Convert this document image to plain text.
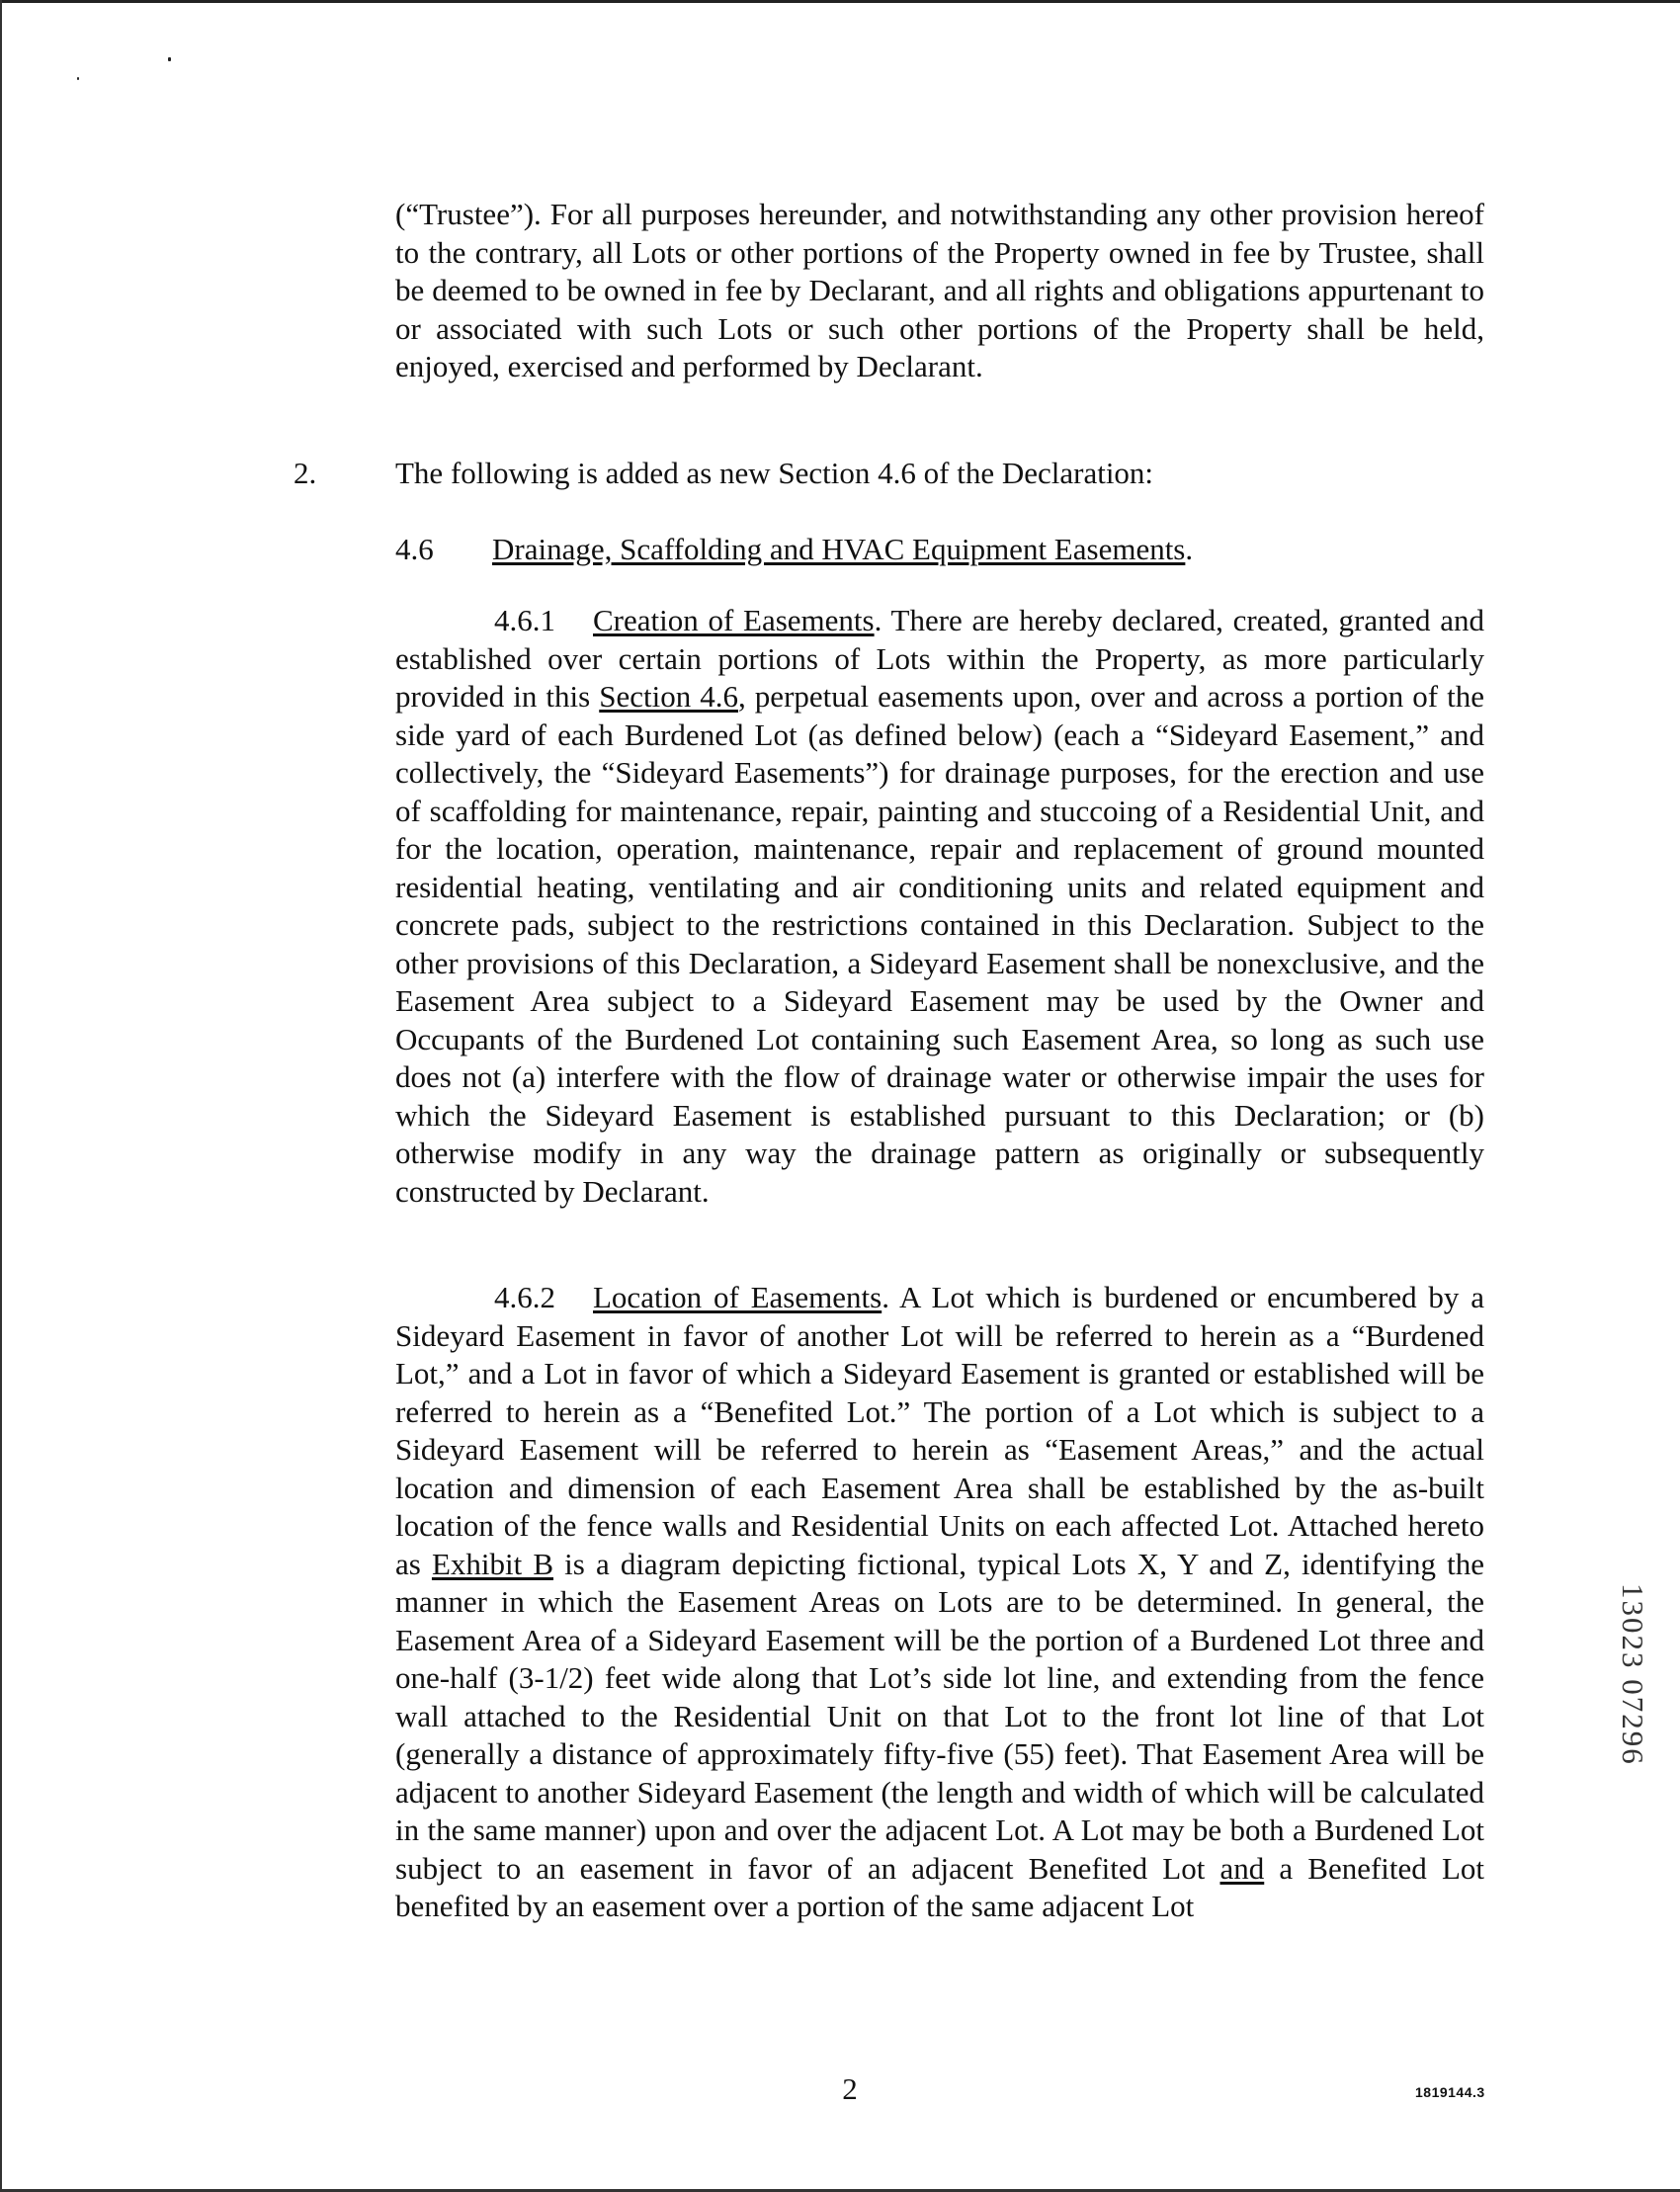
(“Trustee”). For all purposes hereunder, and notwithstanding any other provision hereof to the contrary, all Lots or other portions of the Property owned in fee by Trustee, shall be deemed to be owned in fee by Declarant, and all rights and obligations appurtenant to or associated with such Lots or such other portions of the Property shall be held, enjoyed, exercised and performed by Declarant.

2.	The following is added as new Section 4.6 of the Declaration:
4.6 Drainage, Scaffolding and HVAC Equipment Easements.

4.6.1 Creation of Easements. There are hereby declared, created, granted and established over certain portions of Lots within the Property, as more particularly provided in this Section 4.6, perpetual easements upon, over and across a portion of the side yard of each Burdened Lot (as defined below) (each a “Sideyard Easement,” and collectively, the “Sideyard Easements”) for drainage purposes, for the erection and use of scaffolding for maintenance, repair, painting and stuccoing of a Residential Unit, and for the location, operation, maintenance, repair and replacement of ground mounted residential heating, ventilating and air conditioning units and related equipment and concrete pads, subject to the restrictions contained in this Declaration. Subject to the other provisions of this Declaration, a Sideyard Easement shall be nonexclusive, and the Easement Area subject to a Sideyard Easement may be used by the Owner and Occupants of the Burdened Lot containing such Easement Area, so long as such use does not (a) interfere with the flow of drainage water or otherwise impair the uses for which the Sideyard Easement is established pursuant to this Declaration; or (b) otherwise modify in any way the drainage pattern as originally or subsequently constructed by Declarant.

4.6.2 Location of Easements. A Lot which is burdened or encumbered by a Sideyard Easement in favor of another Lot will be referred to herein as a “Burdened Lot,” and a Lot in favor of which a Sideyard Easement is granted or established will be referred to herein as a “Benefited Lot.” The portion of a Lot which is subject to a Sideyard Easement will be referred to herein as “Easement Areas,” and the actual location and dimension of each Easement Area shall be established by the as-built location of the fence walls and Residential Units on each affected Lot. Attached hereto as Exhibit B is a diagram depicting fictional, typical Lots X, Y and Z, identifying the manner in which the Easement Areas on Lots are to be determined. In general, the Easement Area of a Sideyard Easement will be the portion of a Burdened Lot three and one-half (3-1/2) feet wide along that Lot’s side lot line, and extending from the fence wall attached to the Residential Unit on that Lot to the front lot line of that Lot (generally a distance of approximately fifty-five (55) feet). That Easement Area will be adjacent to another Sideyard Easement (the length and width of which will be calculated in the same manner) upon and over the adjacent Lot. A Lot may be both a Burdened Lot subject to an easement in favor of an adjacent Benefited Lot and a Benefited Lot benefited by an easement over a portion of the same adjacent Lot

13023 07296
2	1819144.3
